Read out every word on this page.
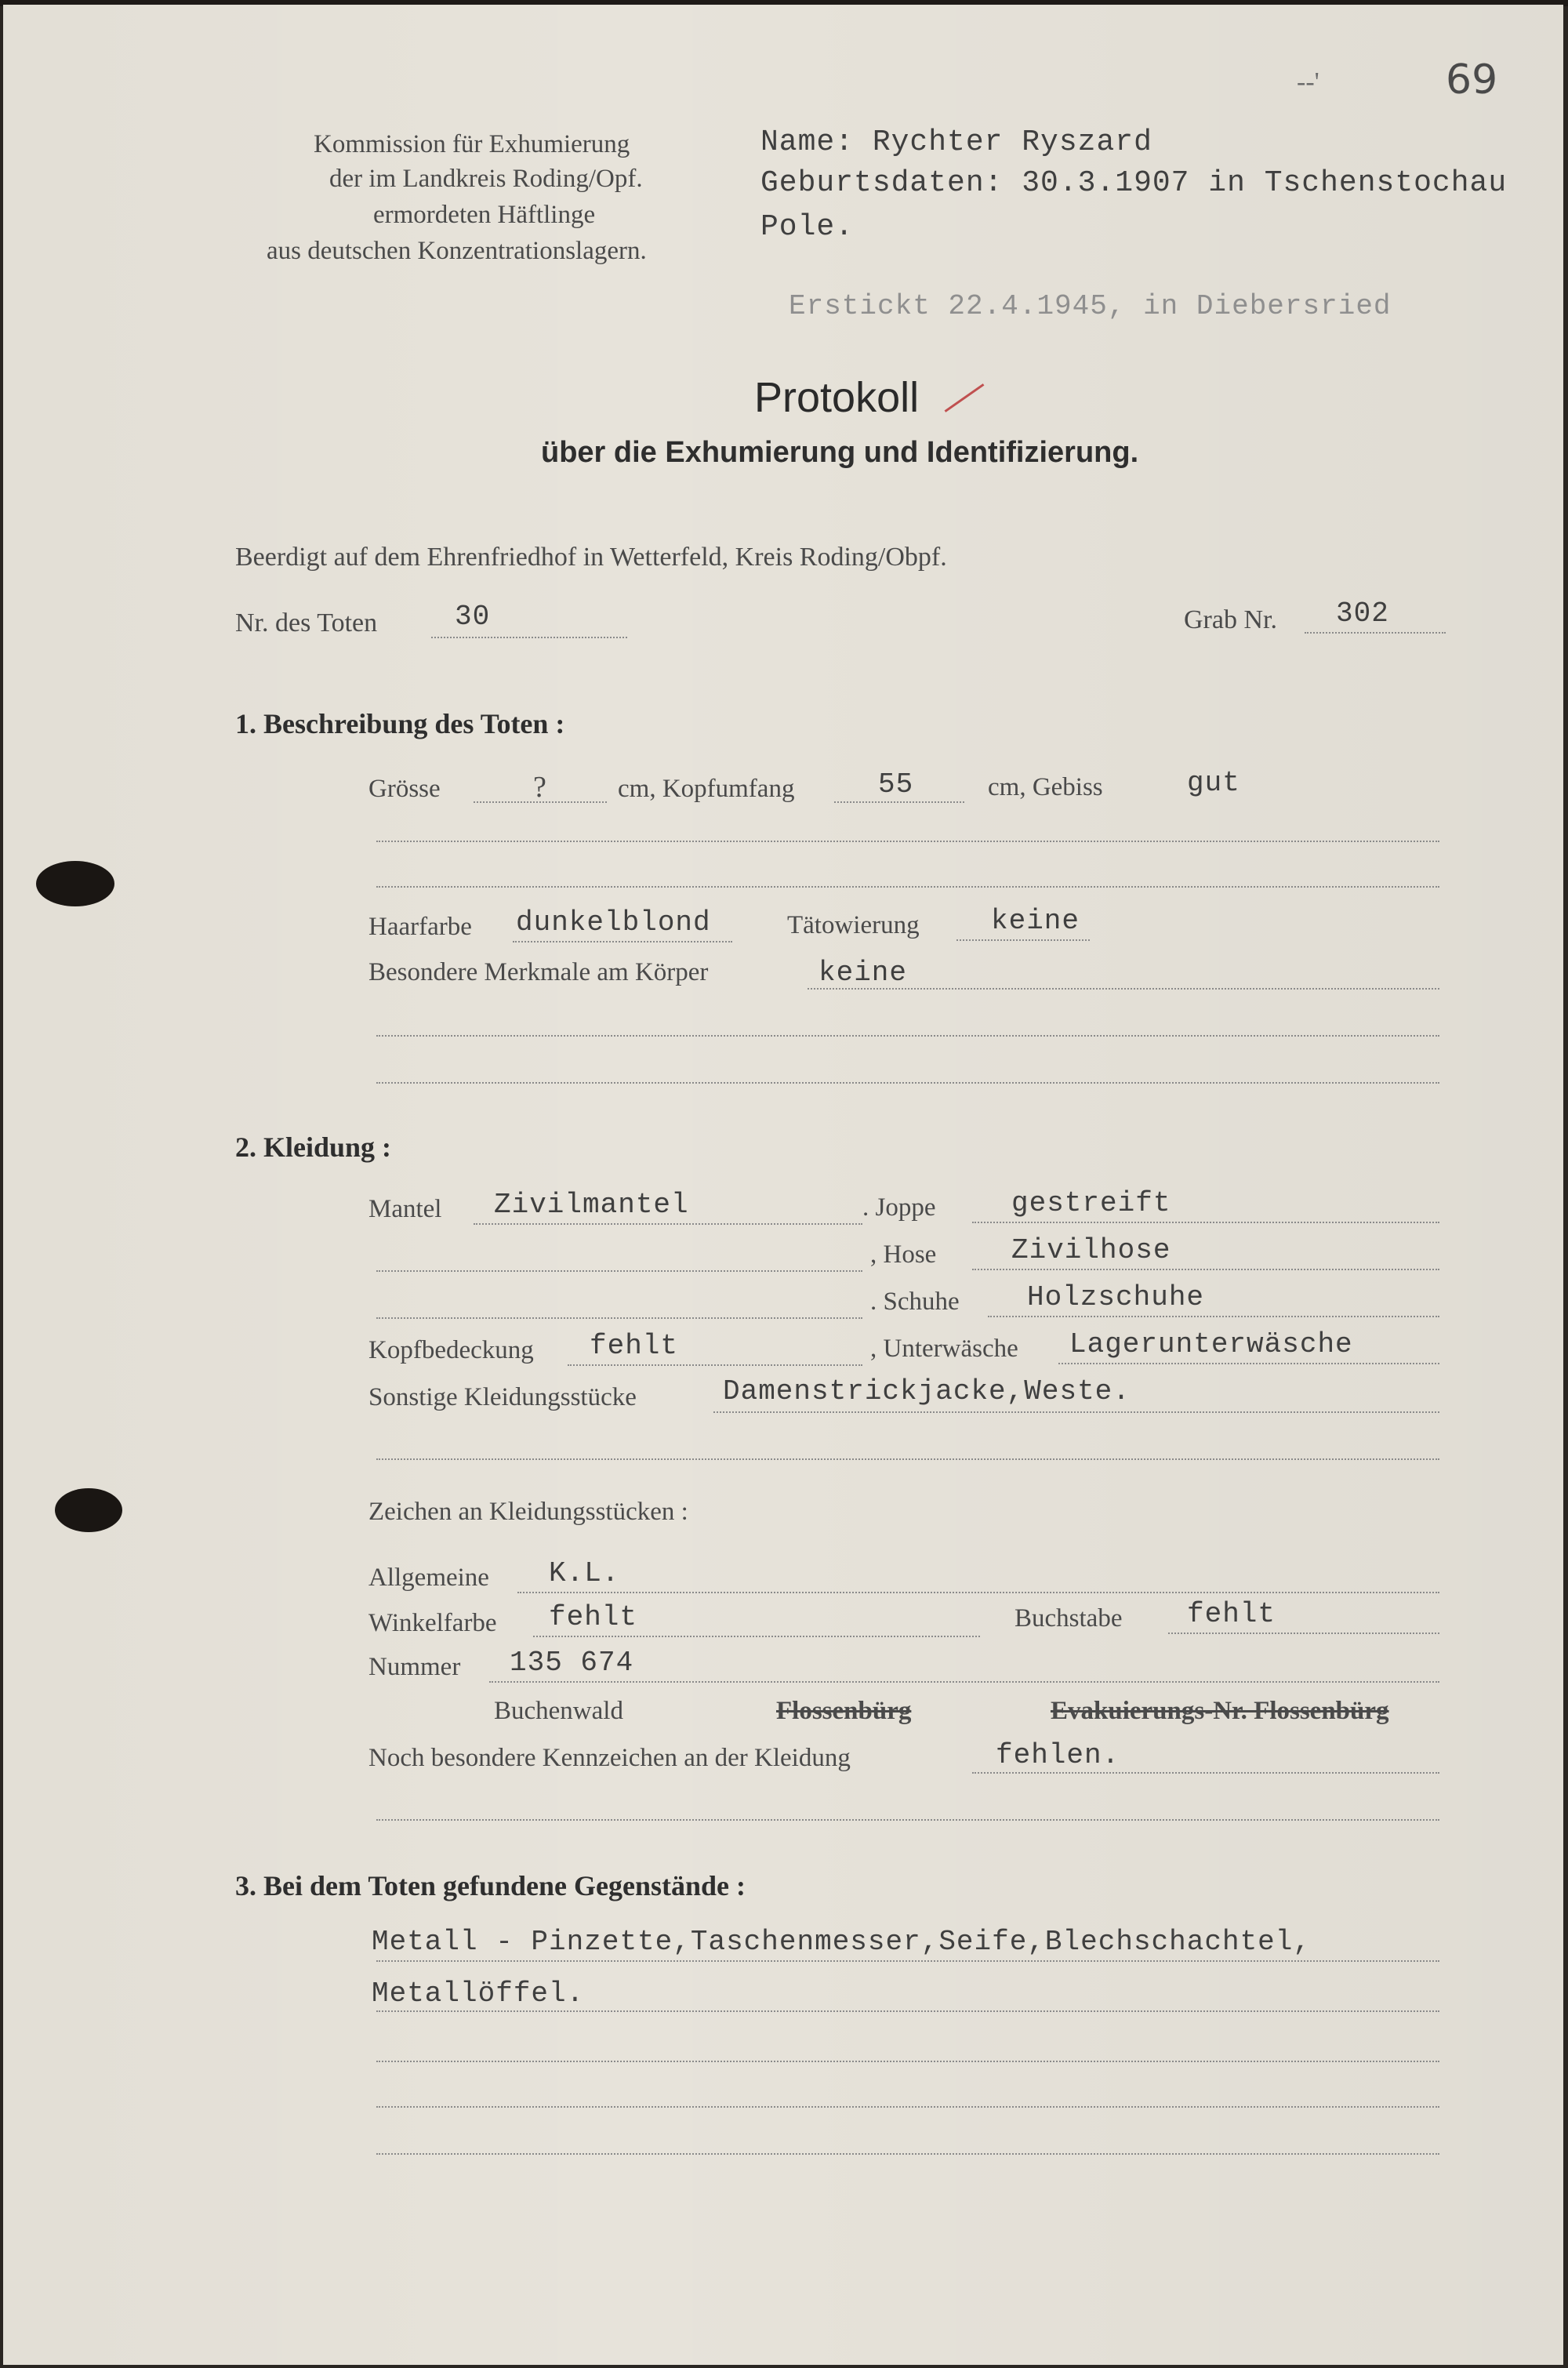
69
--'
Kommission für Exhumierung
der im Landkreis Roding/Opf.
ermordeten Häftlinge
aus deutschen Konzentrationslagern.
Name: Rychter Ryszard
Geburtsdaten: 30.3.1907 in Tschenstochau
Pole.
Erstickt 22.4.1945, in Diebersried
Protokoll
über die Exhumierung und Identifizierung.
Beerdigt auf dem Ehrenfriedhof in Wetterfeld, Kreis Roding/Obpf.
Nr. des Toten	30	Grab Nr. 302
1. Beschreibung des Toten :
Grösse	?	cm, Kopfumfang	55	cm, Gebiss	gut
Haarfarbe dunkelblond	Tätowierung	keine
Besondere Merkmale am Körper	keine
2. Kleidung :
Mantel Zivilmantel	. Joppe	gestreift
, Hose	Zivilhose
. Schuhe Holzschuhe
Kopfbedeckung fehlt	, Unterwäsche Lagerunterwäsche
Sonstige Kleidungsstücke	Damenstrickjacke,Weste.
Zeichen an Kleidungsstücken :
Allgemeine K.L.
Winkelfarbe fehlt	Buchstabe fehlt
Nummer 135 674
Buchenwald	Flossenbürg	Evakuierungs-Nr. Flossenbürg
Noch besondere Kennzeichen an der Kleidung	fehlen.
3. Bei dem Toten gefundene Gegenstände :
Metall - Pinzette,Taschenmesser,Seife,Blechschachtel,
Metallöffel.
